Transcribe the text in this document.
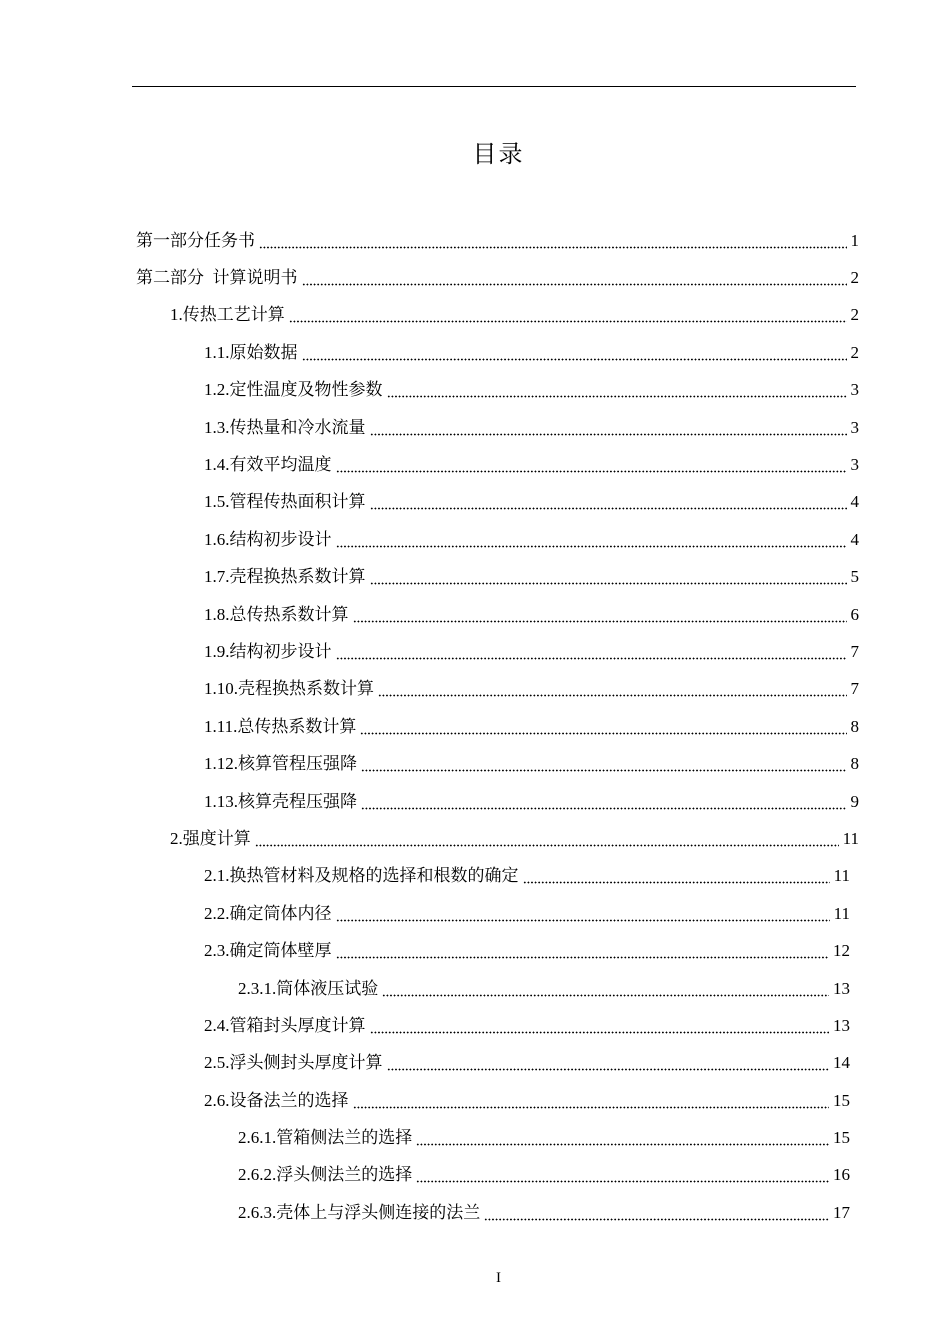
目录
第一部分任务书	1
第二部分  计算说明书	2
1.传热工艺计算	2
1.1.原始数据	2
1.2.定性温度及物性参数	3
1.3.传热量和冷水流量	3
1.4.有效平均温度	3
1.5.管程传热面积计算	4
1.6.结构初步设计	4
1.7.壳程换热系数计算	5
1.8.总传热系数计算	6
1.9.结构初步设计	7
1.10.壳程换热系数计算	7
1.11.总传热系数计算	8
1.12.核算管程压强降	8
1.13.核算壳程压强降	9
2.强度计算	11
2.1.换热管材料及规格的选择和根数的确定	11
2.2.确定筒体内径	11
2.3.确定筒体壁厚	12
2.3.1.筒体液压试验	13
2.4.管箱封头厚度计算	13
2.5.浮头侧封头厚度计算	14
2.6.设备法兰的选择	15
2.6.1.管箱侧法兰的选择	15
2.6.2.浮头侧法兰的选择	16
2.6.3.壳体上与浮头侧连接的法兰	17
I
